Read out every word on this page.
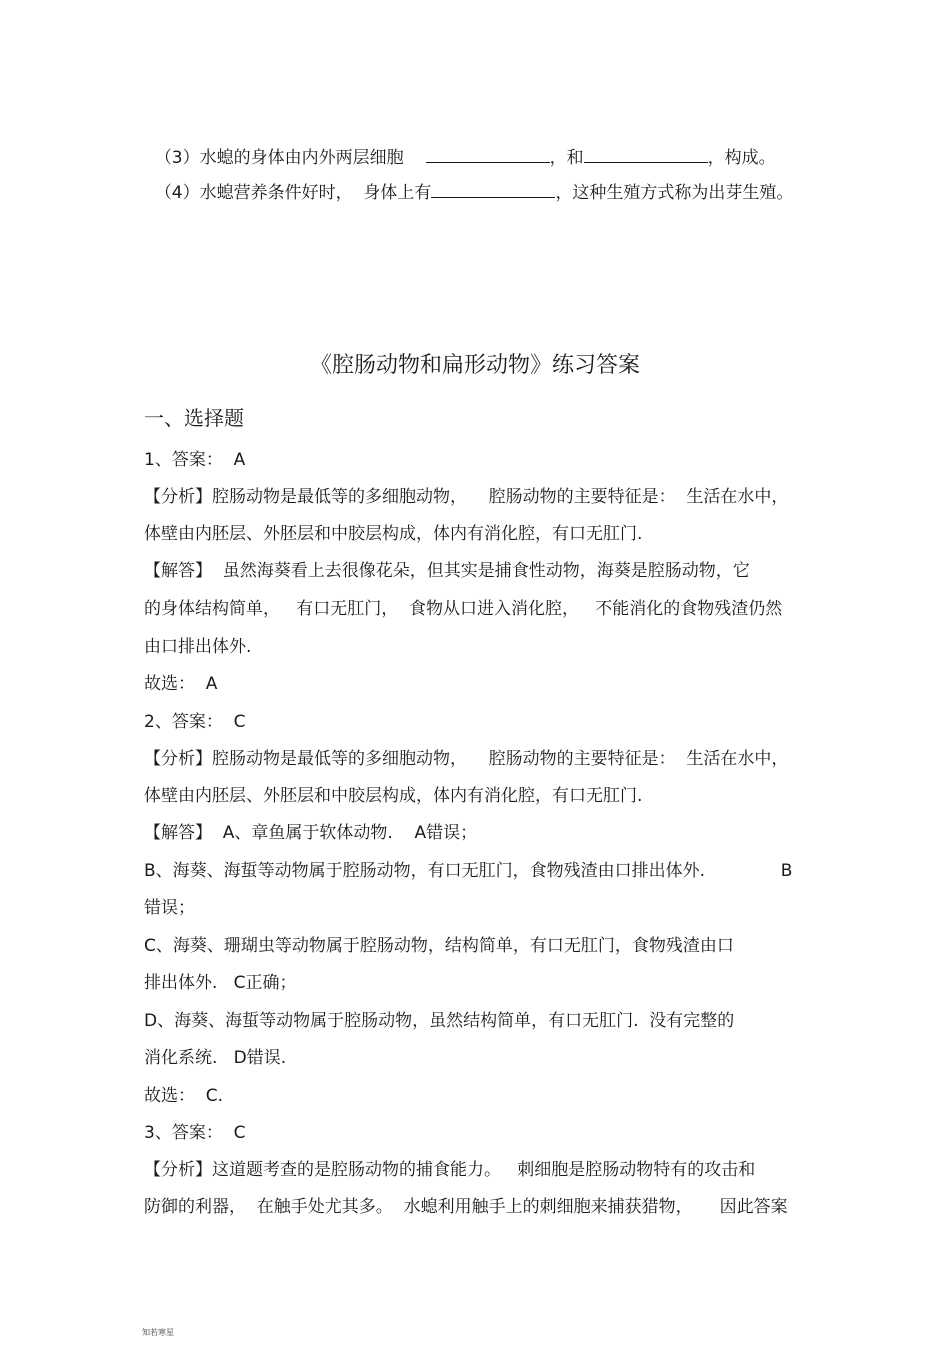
（3）水螅的身体由内外两层细胞	，和	，构成。

（4）水螅营养条件好时，  身体上有	，这种生殖方式称为出芽生殖。

《腔肠动物和扁形动物》练习答案
一、选择题
1、答案：  A
【分析】腔肠动物是最低等的多细胞动物，    腔肠动物的主要特征是：  生活在水中，
体壁由内胚层、外胚层和中胶层构成，体内有消化腔，有口无肛门.
【解答】  虽然海葵看上去很像花朵，但其实是捕食性动物，海葵是腔肠动物，它
的身体结构简单，   有口无肛门，  食物从口进入消化腔，   不能消化的食物残渣仍然
由口排出体外.
故选：  A
2、答案：  C
【分析】腔肠动物是最低等的多细胞动物，    腔肠动物的主要特征是：  生活在水中，
体壁由内胚层、外胚层和中胶层构成，体内有消化腔，有口无肛门.
【解答】  A、章鱼属于软体动物.    A错误；
B、海葵、海蜇等动物属于腔肠动物，有口无肛门，食物残渣由口排出体外.              B
错误；
C、海葵、珊瑚虫等动物属于腔肠动物，结构简单，有口无肛门，食物残渣由口
排出体外.   C正确；
D、海葵、海蜇等动物属于腔肠动物，虽然结构简单，有口无肛门.  没有完整的
消化系统.   D错误.
故选：  C.
3、答案：  C
【分析】这道题考查的是腔肠动物的捕食能力。   刺细胞是腔肠动物特有的攻击和
防御的利器，  在触手处尤其多。  水螅利用触手上的刺细胞来捕获猎物，     因此答案
知若寒星
